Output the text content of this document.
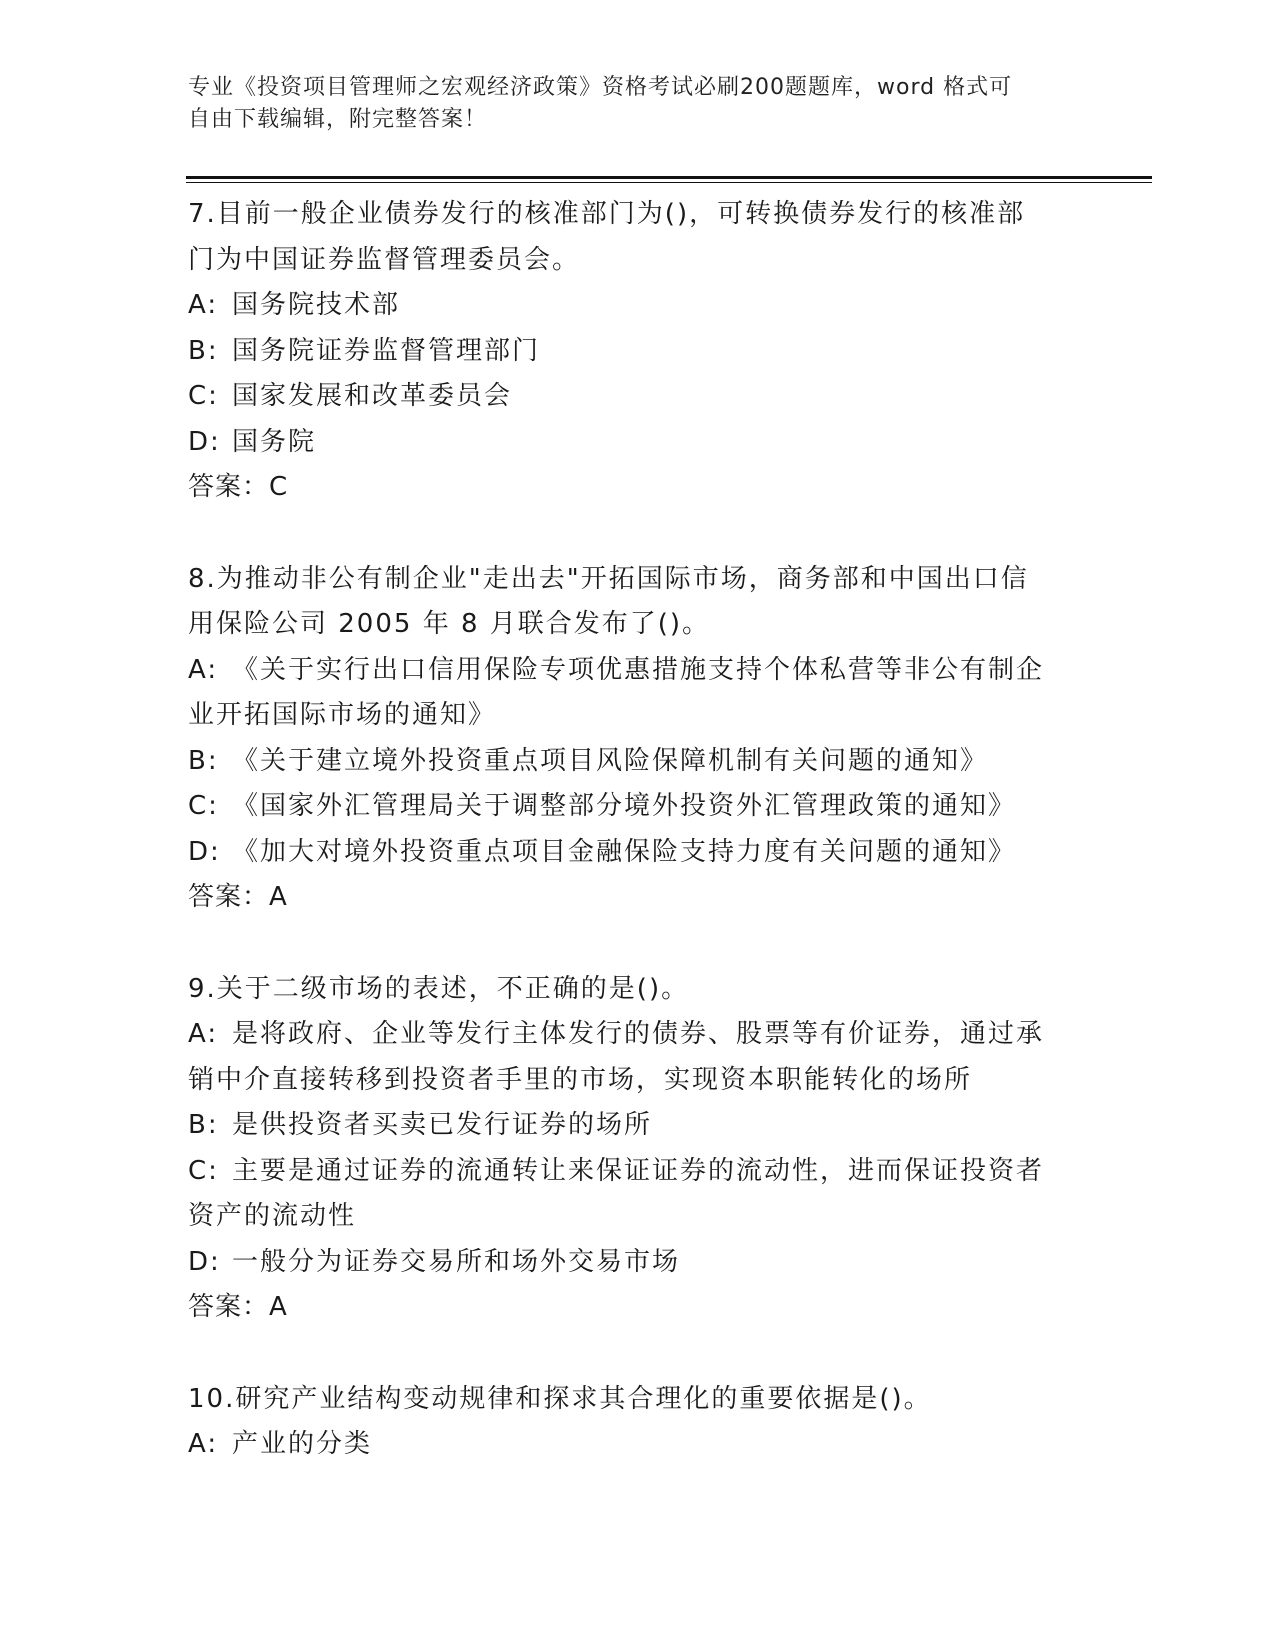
专业《投资项目管理师之宏观经济政策》资格考试必刷200题题库，word 格式可

自由下载编辑，附完整答案！

7.目前一般企业债券发行的核准部门为()，可转换债券发行的核准部
门为中国证券监督管理委员会。

A: 国务院技术部

B: 国务院证券监督管理部门

C: 国家发展和改革委员会

D: 国务院

答案：C

8.为推动非公有制企业"走出去"开拓国际市场，商务部和中国出口信
用保险公司 2005 年 8 月联合发布了()。

A: 《关于实行出口信用保险专项优惠措施支持个体私营等非公有制企
业开拓国际市场的通知》

B: 《关于建立境外投资重点项目风险保障机制有关问题的通知》

C: 《国家外汇管理局关于调整部分境外投资外汇管理政策的通知》

D: 《加大对境外投资重点项目金融保险支持力度有关问题的通知》

答案：A

9.关于二级市场的表述，不正确的是()。

A: 是将政府、企业等发行主体发行的债券、股票等有价证券，通过承
销中介直接转移到投资者手里的市场，实现资本职能转化的场所

B: 是供投资者买卖已发行证券的场所

C: 主要是通过证券的流通转让来保证证券的流动性，进而保证投资者
资产的流动性

D: 一般分为证券交易所和场外交易市场

答案：A

10.研究产业结构变动规律和探求其合理化的重要依据是()。

A: 产业的分类
